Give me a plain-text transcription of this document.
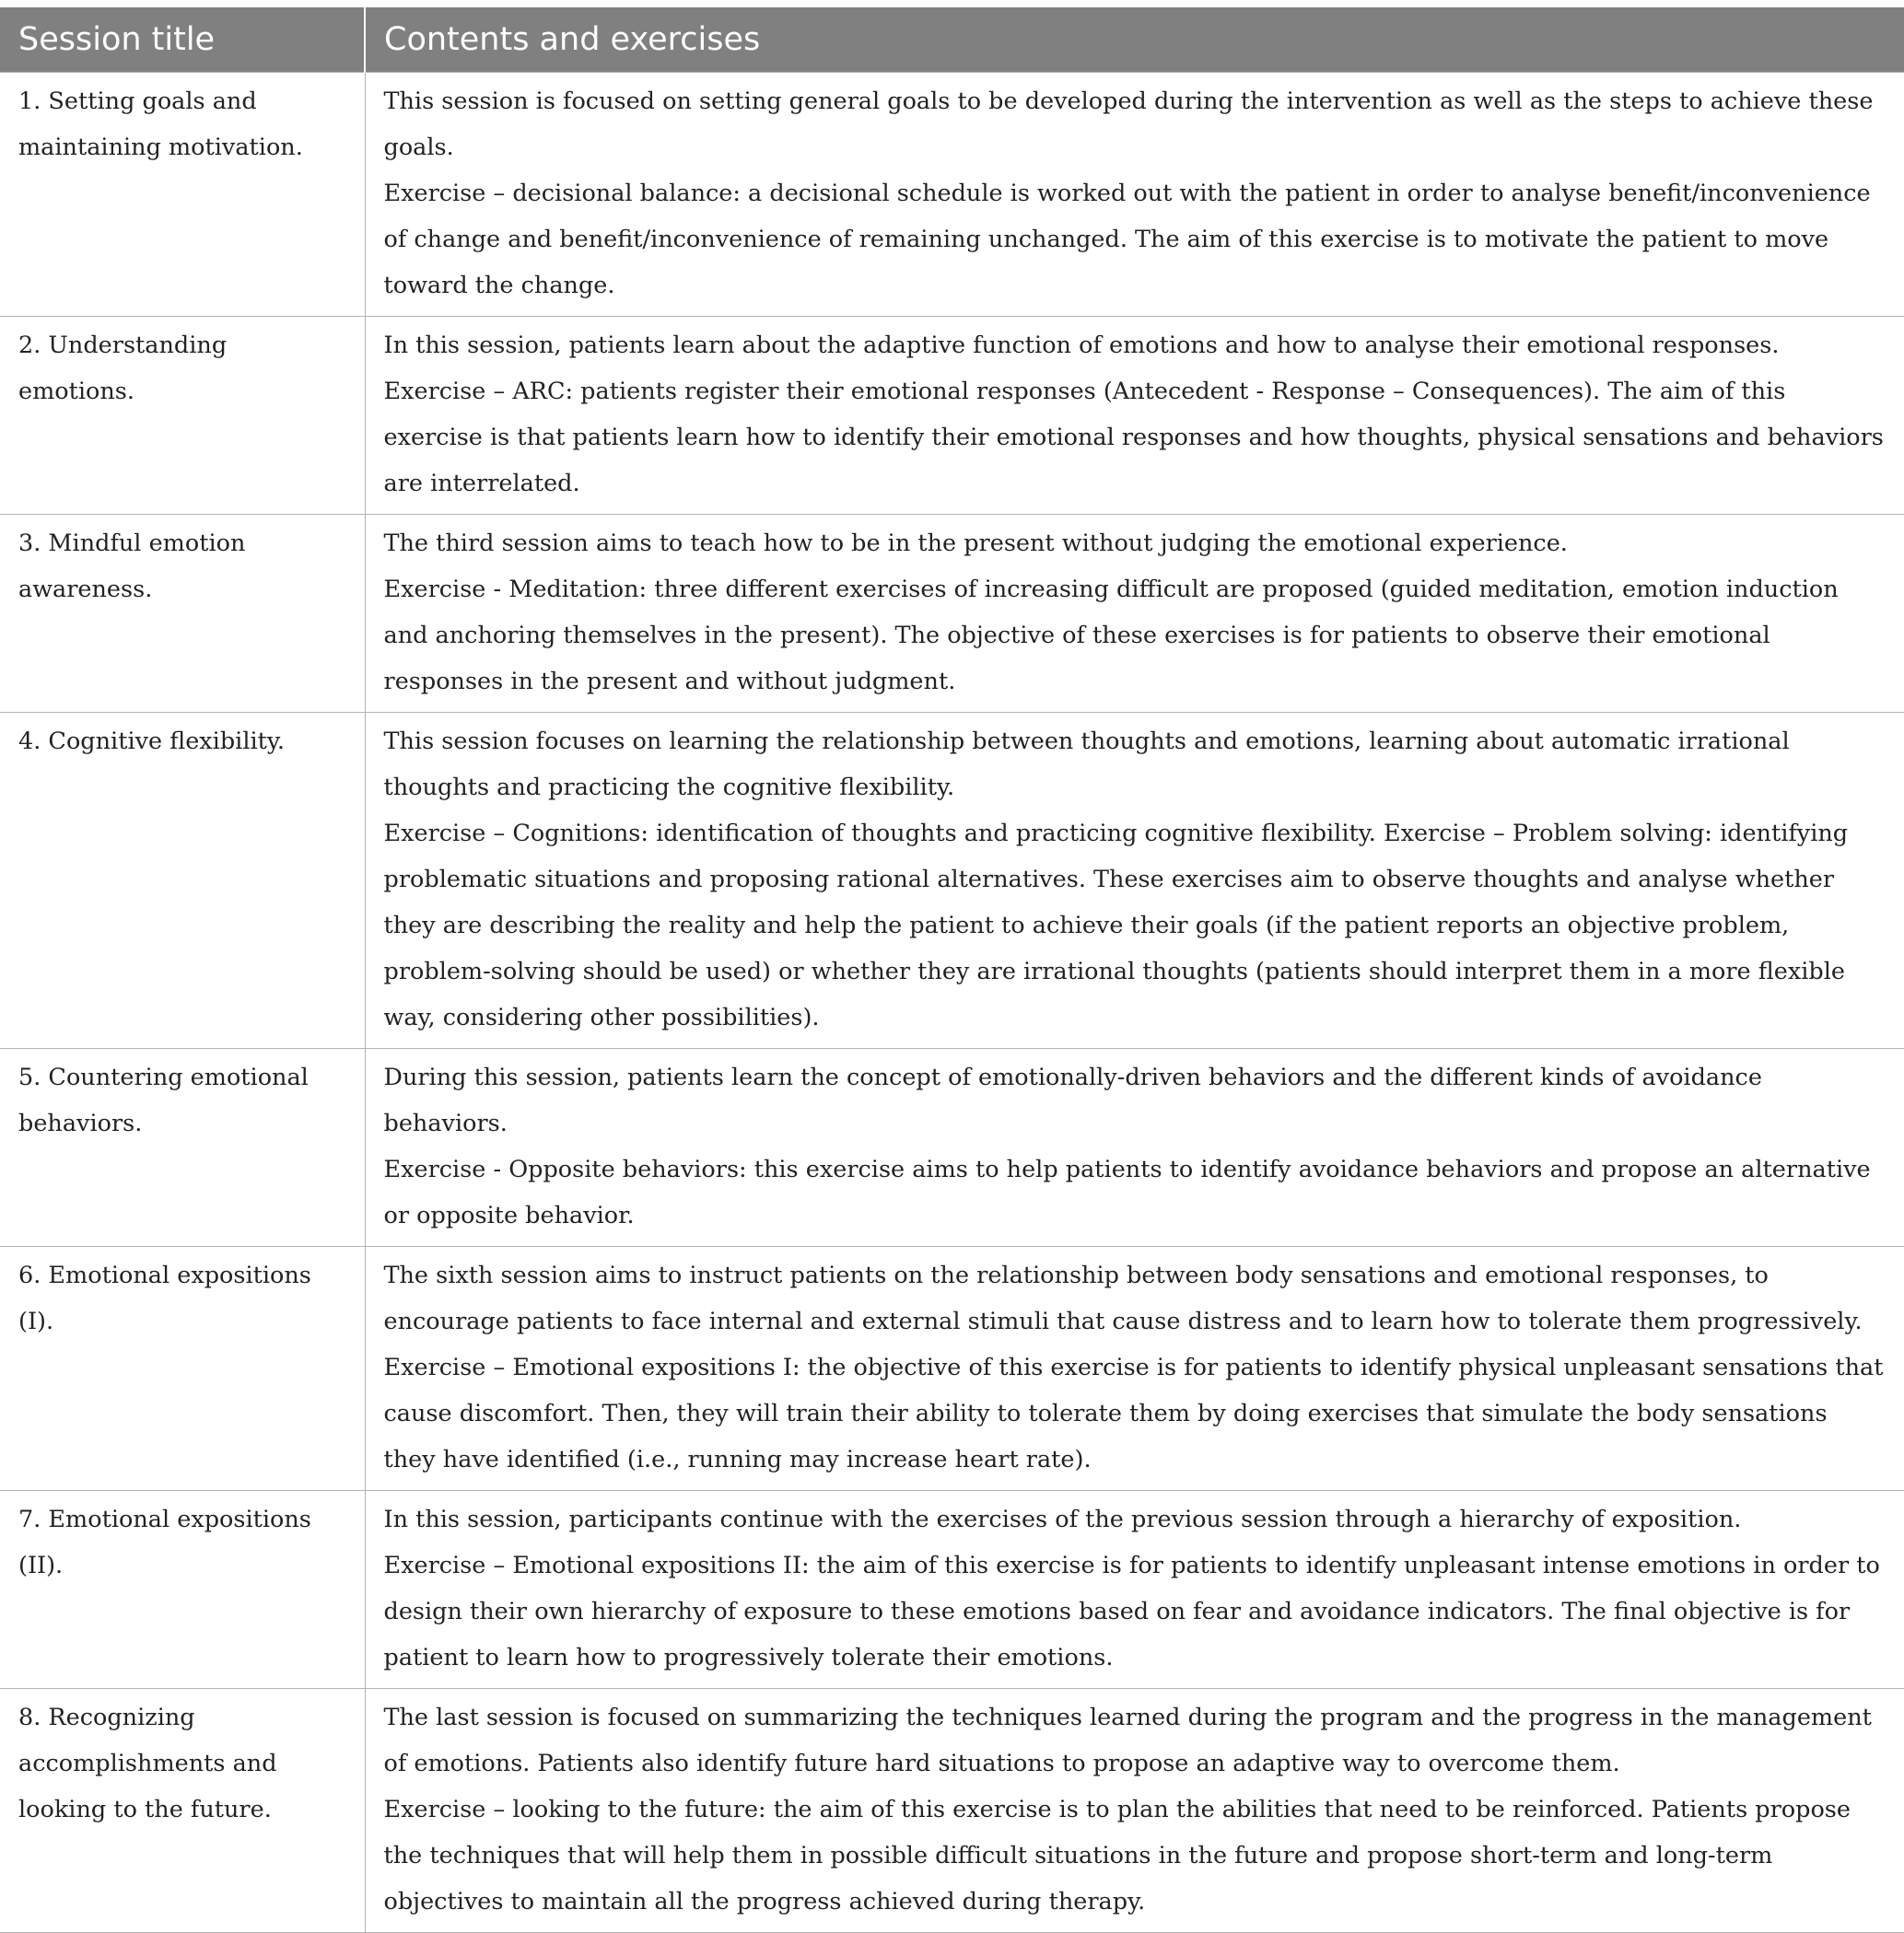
Session title	Contents and exercises
1. Setting goals and maintaining motivation.	This session is focused on setting general goals to be developed during the intervention as well as the steps to achieve these goals.
Exercise – decisional balance: a decisional schedule is worked out with the patient in order to analyse benefit/inconvenience of change and benefit/inconvenience of remaining unchanged. The aim of this exercise is to motivate the patient to move toward the change.

2. Understanding emotions.	In this session, patients learn about the adaptive function of emotions and how to analyse their emotional responses.
Exercise – ARC: patients register their emotional responses (Antecedent - Response – Consequences). The aim of this exercise is that patients learn how to identify their emotional responses and how thoughts, physical sensations and behaviors are interrelated.

3. Mindful emotion awareness.	The third session aims to teach how to be in the present without judging the emotional experience.
Exercise - Meditation: three different exercises of increasing difficult are proposed (guided meditation, emotion induction and anchoring themselves in the present). The objective of these exercises is for patients to observe their emotional responses in the present and without judgment.

4. Cognitive flexibility.	This session focuses on learning the relationship between thoughts and emotions, learning about automatic irrational thoughts and practicing the cognitive flexibility.
Exercise – Cognitions: identification of thoughts and practicing cognitive flexibility. Exercise – Problem solving: identifying problematic situations and proposing rational alternatives. These exercises aim to observe thoughts and analyse whether they are describing the reality and help the patient to achieve their goals (if the patient reports an objective problem, problem-solving should be used) or whether they are irrational thoughts (patients should interpret them in a more flexible way, considering other possibilities).

5. Countering emotional behaviors.	During this session, patients learn the concept of emotionally-driven behaviors and the different kinds of avoidance behaviors.
Exercise - Opposite behaviors: this exercise aims to help patients to identify avoidance behaviors and propose an alternative or opposite behavior.

6. Emotional expositions (I).	The sixth session aims to instruct patients on the relationship between body sensations and emotional responses, to encourage patients to face internal and external stimuli that cause distress and to learn how to tolerate them progressively.
Exercise – Emotional expositions I: the objective of this exercise is for patients to identify physical unpleasant sensations that cause discomfort. Then, they will train their ability to tolerate them by doing exercises that simulate the body sensations they have identified (i.e., running may increase heart rate).

7. Emotional expositions (II).	In this session, participants continue with the exercises of the previous session through a hierarchy of exposition.
Exercise – Emotional expositions II: the aim of this exercise is for patients to identify unpleasant intense emotions in order to design their own hierarchy of exposure to these emotions based on fear and avoidance indicators. The final objective is for patient to learn how to progressively tolerate their emotions.

8. Recognizing accomplishments and looking to the future.	The last session is focused on summarizing the techniques learned during the program and the progress in the management of emotions. Patients also identify future hard situations to propose an adaptive way to overcome them.
Exercise – looking to the future: the aim of this exercise is to plan the abilities that need to be reinforced. Patients propose the techniques that will help them in possible difficult situations in the future and propose short-term and long-term objectives to maintain all the progress achieved during therapy.
